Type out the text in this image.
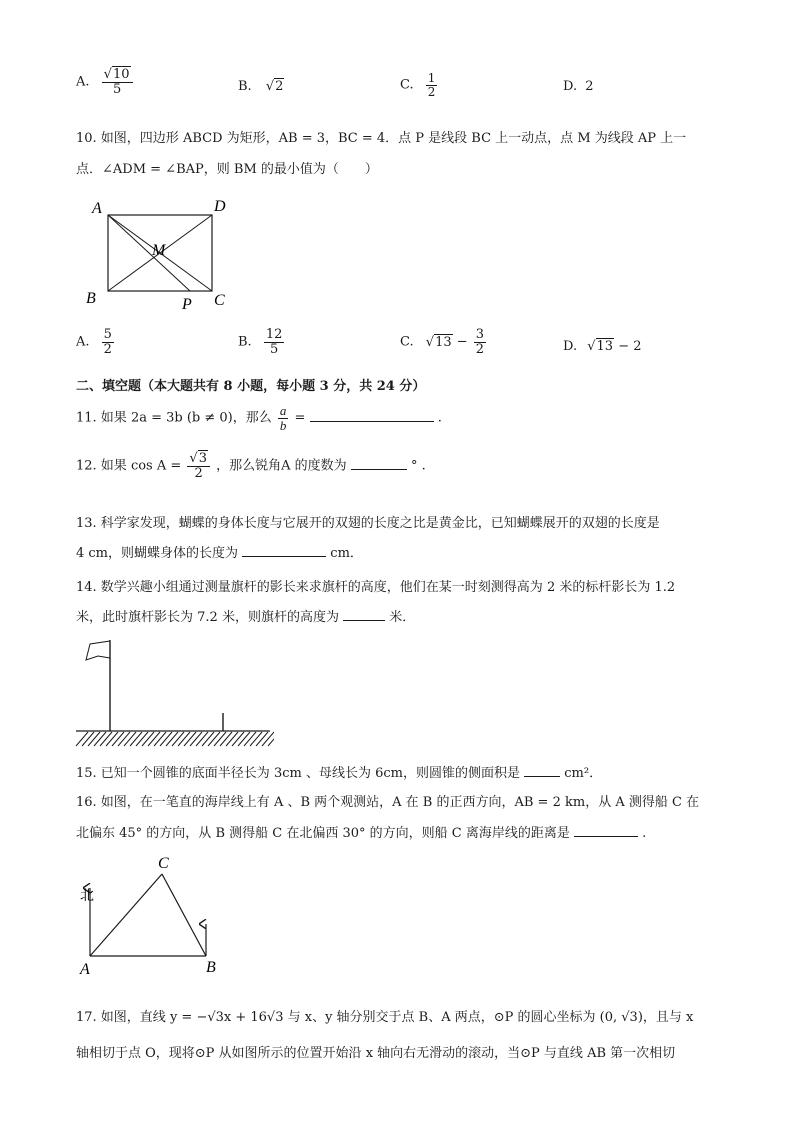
A. $\frac{√10}{5}$	B. √2	C. $\frac{1}{2}$	D. 2
10. 如图，四边形 ABCD 为矩形，AB = 3，BC = 4．点 P 是线段 BC 上一动点，点 M 为线段 AP 上一
点．∠ADM = ∠BAP，则 BM 的最小值为（　　）
A	D
M
B	P C
A. $\frac{5}{2}$	B. $\frac{12}{5}$	C. $√13 - \frac{3}{2}$	D. √13 − 2
二、填空题（本大题共有 8 小题，每小题 3 分，共 24 分）
11. 如果 2a = 3b (b ≠ 0)，那么 $\frac{a}{b}$ =	.
12. 如果 $\cos A = \frac{√3}{2}$ ，那么锐角A 的度数为	° .
13. 科学家发现，蝴蝶的身体长度与它展开的双翅的长度之比是黄金比，已知蝴蝶展开的双翅的长度是
4 cm，则蝴蝶身体的长度为	cm．
14. 数学兴趣小组通过测量旗杆的影长来求旗杆的高度，他们在某一时刻测得高为 2 米的标杆影长为 1.2
米，此时旗杆影长为 7.2 米，则旗杆的高度为	米．
15. 已知一个圆锥的底面半径长为 3cm 、母线长为 6cm，则圆锥的侧面积是	cm²．
16. 如图，在一笔直的海岸线上有 A 、B 两个观测站，A 在 B 的正西方向，AB = 2 km，从 A 测得船 C 在
北偏东 45° 的方向，从 B 测得船 C 在北偏西 30° 的方向，则船 C 离海岸线的距离是	.
北
C
A	B
17. 如图，直线 y = −√3x + 16√3 与 x、y 轴分别交于点 B、A 两点，⊙P 的圆心坐标为 (0, √3)，且与 x
轴相切于点 O，现将⊙P 从如图所示的位置开始沿 x 轴向右无滑动的滚动，当⊙P 与直线 AB 第一次相切
